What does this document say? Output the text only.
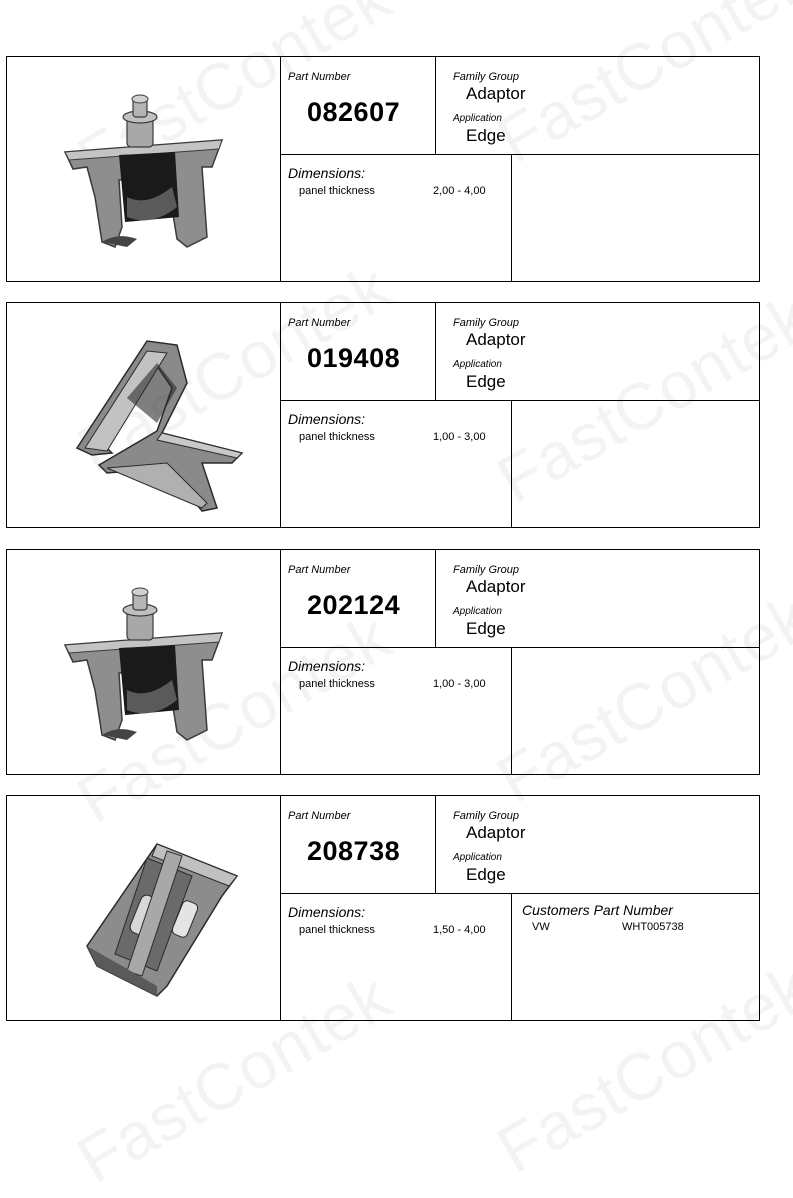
Part Number
082607
Family Group
Adaptor
Application
Edge
Dimensions:
panel thickness	2,00 - 4,00
Part Number
019408
Family Group
Adaptor
Application
Edge
Dimensions:
panel thickness	1,00 - 3,00
Part Number
202124
Family Group
Adaptor
Application
Edge
Dimensions:
panel thickness	1,00 - 3,00
Part Number
208738
Family Group
Adaptor
Application
Edge
Dimensions:
panel thickness	1,50 - 4,00
Customers Part Number
VW	WHT005738
